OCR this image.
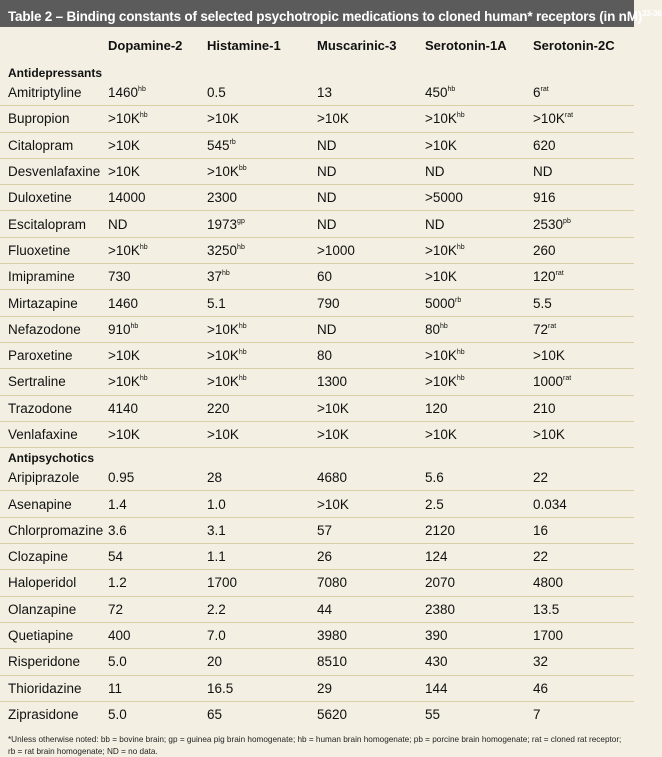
Table 2 – Binding constants of selected psychotropic medications to cloned human* receptors (in nM)$^{33-36}$
	Dopamine-2	Histamine-1	Muscarinic-3	Serotonin-1A	Serotonin-2C
Antidepressants					
Amitriptyline	$1460^{hb}$	0.5	13	$450^{hb}$	$6^{rat}$
Bupropion	$>10K^{hb}$	>10K	>10K	$>10K^{hb}$	$>10K^{rat}$
Citalopram	>10K	$545^{rb}$	ND	>10K	620
Desvenlafaxine	>10K	$>10K^{bb}$	ND	ND	ND
Duloxetine	14000	2300	ND	>5000	916
Escitalopram	ND	$1973^{gp}$	ND	ND	$2530^{pb}$
Fluoxetine	$>10K^{hb}$	$3250^{hb}$	>1000	$>10K^{hb}$	260
Imipramine	730	$37^{hb}$	60	>10K	$120^{rat}$
Mirtazapine	1460	5.1	790	$5000^{rb}$	5.5
Nefazodone	$910^{hb}$	$>10K^{hb}$	ND	$80^{hb}$	$72^{rat}$
Paroxetine	>10K	$>10K^{hb}$	80	$>10K^{hb}$	>10K
Sertraline	$>10K^{hb}$	$>10K^{hb}$	1300	$>10K^{hb}$	$1000^{rat}$
Trazodone	4140	220	>10K	120	210
Venlafaxine	>10K	>10K	>10K	>10K	>10K
Antipsychotics					
Aripiprazole	0.95	28	4680	5.6	22
Asenapine	1.4	1.0	>10K	2.5	0.034
Chlorpromazine	3.6	3.1	57	2120	16
Clozapine	54	1.1	26	124	22
Haloperidol	1.2	1700	7080	2070	4800
Olanzapine	72	2.2	44	2380	13.5
Quetiapine	400	7.0	3980	390	1700
Risperidone	5.0	20	8510	430	32
Thioridazine	11	16.5	29	144	46
Ziprasidone	5.0	65	5620	55	7
*Unless otherwise noted: bb = bovine brain; gp = guinea pig brain homogenate; hb = human brain homogenate; pb = porcine brain homogenate; rat = cloned rat receptor; rb = rat brain homogenate; ND = no data.
